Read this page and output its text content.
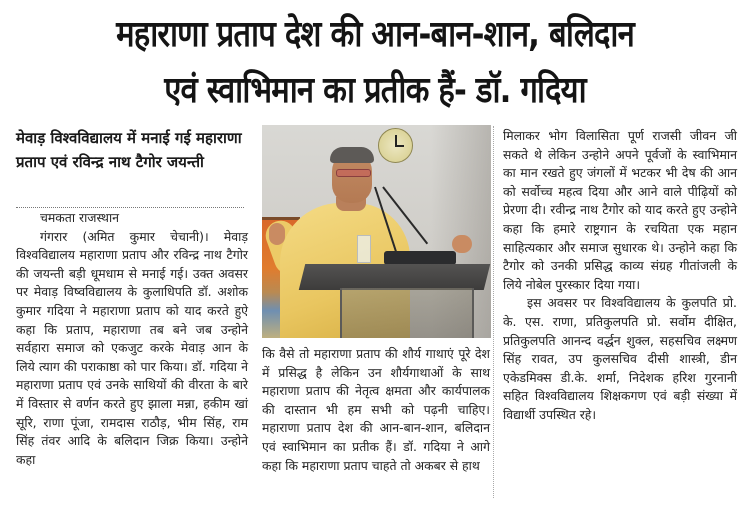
महाराणा प्रताप देश की आन-बान-शान, बलिदान
एवं स्वाभिमान का प्रतीक हैं- डॉ. गदिया
मेवाड़ विश्वविद्यालय में मनाई गई महाराणा प्रताप एवं रविन्द्र नाथ टैगोर जयन्ती

चमकता राजस्थान

गंगरार (अमित कुमार चेचानी)। मेवाड़ विश्वविद्यालय महाराणा प्रताप और रविन्द्र नाथ टैगोर की जयन्ती बड़ी धूमधाम से मनाई गई। उक्त अवसर पर मेवाड़ विष्वविद्यालय के कुलाधिपति डॉ. अशोक कुमार गदिया ने महाराणा प्रताप को याद करते हुऐ कहा कि प्रताप, महाराणा तब बने जब उन्होने सर्वहारा समाज को एकजुट करके मेवाड़ आन के लिये त्याग की पराकाष्ठा को पार किया। डॉ. गदिया ने महाराणा प्रताप एवं उनके साथियों की वीरता के बारे में विस्तार से वर्णन करते हुए झाला मन्ना, हकीम खां सूरि, राणा पूंजा, रामदास राठौड़, भीम सिंह, राम सिंह तंवर आदि के बलिदान जिक्र किया। उन्होने कहा

कि वैसे तो महाराणा प्रताप की शौर्य गाथाएं पूरे देश में प्रसिद्ध है लेकिन उन शौर्यगाथाओं के साथ महाराणा प्रताप की नेतृत्व क्षमता और कार्यपालक की दास्तान भी हम सभी को पढ़नी चाहिए। महाराणा प्रताप देश की आन-बान-शान, बलिदान एवं स्वाभिमान का प्रतीक हैं। डॉ. गदिया ने आगे कहा कि महाराणा प्रताप चाहते तो अकबर से हाथ

मिलाकर भोग विलासिता पूर्ण राजसी जीवन जी सकते थे लेकिन उन्होने अपने पूर्वजों के स्वाभिमान का मान रखते हुए जंगलों में भटकर भी देष की आन को सर्वोच्च महत्व दिया और आने वाले पीढ़ियों को प्रेरणा दी। रवीन्द्र नाथ टैगोर को याद करते हुए उन्होने कहा कि हमारे राष्ट्रगान के रचयिता एक महान साहित्यकार और समाज सुधारक थे। उन्होने कहा कि टैगोर को उनकी प्रसिद्ध काव्य संग्रह गीतांजली के लिये नोबेल पुरस्कार दिया गया।

इस अवसर पर विश्वविद्यालय के कुलपति प्रो. के. एस. राणा, प्रतिकुलपति प्रो. सर्वोम दीक्षित, प्रतिकुलपति आनन्द वर्द्धन शुक्ल, सहसचिव लक्ष्मण सिंह रावत, उप कुलसचिव दीसी शास्त्री, डीन एकेडमिक्स डी.के. शर्मा, निदेशक हरिश गुरनानी सहित विश्वविद्यालय शिक्षकगण एवं बड़ी संख्या में विद्यार्थी उपस्थित रहे।
